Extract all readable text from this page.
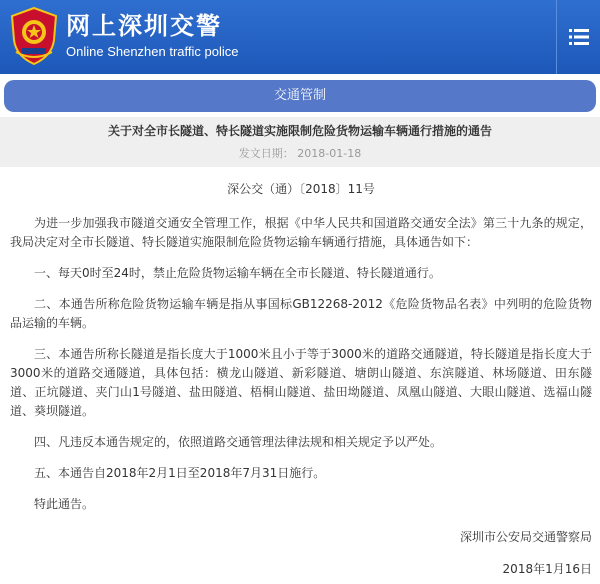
网上深圳交警
Online Shenzhen traffic police
交通管制
关于对全市长隧道、特长隧道实施限制危险货物运输车辆通行措施的通告
发文日期： 2018-01-18
深公交（通）〔2018〕11号

为进一步加强我市隧道交通安全管理工作，根据《中华人民共和国道路交通安全法》第三十九条的规定，我局决定对全市长隧道、特长隧道实施限制危险货物运输车辆通行措施，具体通告如下：

一、每天0时至24时，禁止危险货物运输车辆在全市长隧道、特长隧道通行。

二、本通告所称危险货物运输车辆是指从事国标GB12268-2012《危险货物品名表》中列明的危险货物品运输的车辆。

三、本通告所称长隧道是指长度大于1000米且小于等于3000米的道路交通隧道，特长隧道是指长度大于3000米的道路交通隧道，具体包括：横龙山隧道、新彩隧道、塘朗山隧道、东滨隧道、林场隧道、田东隧道、正坑隧道、夹门山1号隧道、盐田隧道、梧桐山隧道、盐田坳隧道、凤凰山隧道、大眼山隧道、选福山隧道、葵坝隧道。

四、凡违反本通告规定的，依照道路交通管理法律法规和相关规定予以严处。

五、本通告自2018年2月1日至2018年7月31日施行。

特此通告。

深圳市公安局交通警察局
2018年1月16日
